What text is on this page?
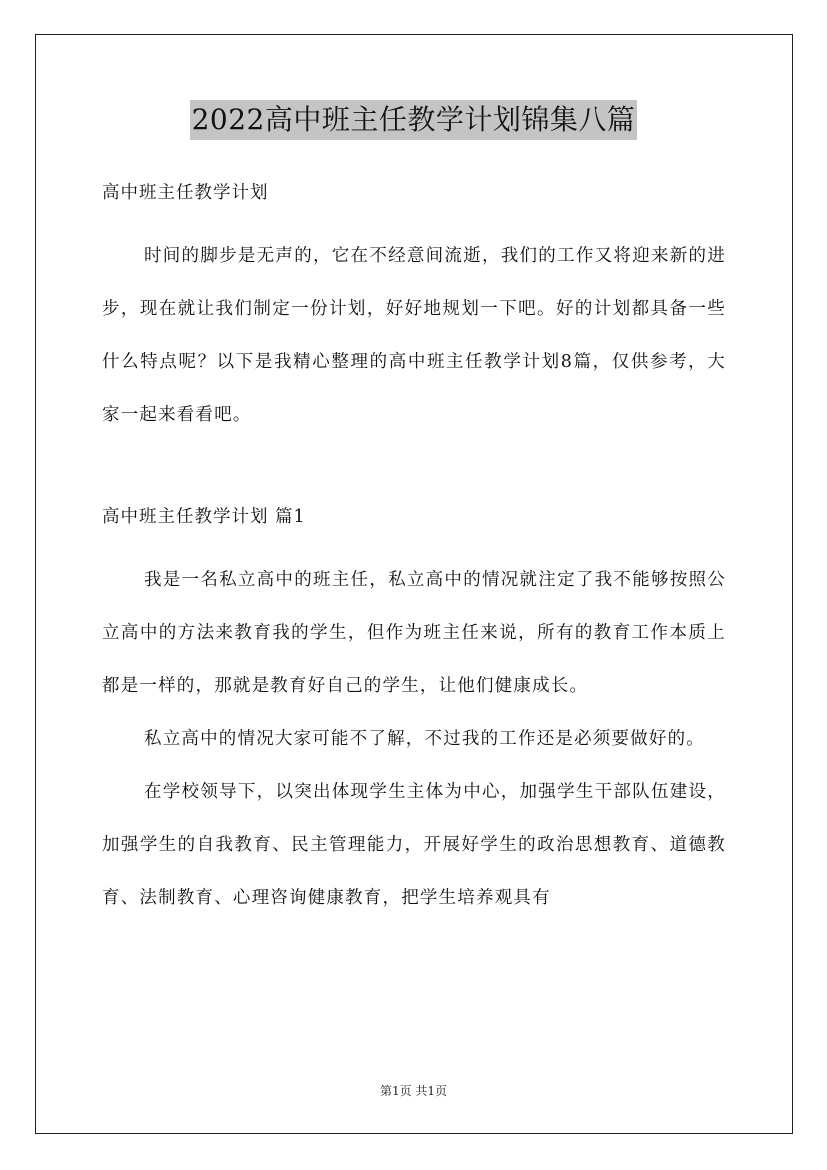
2022高中班主任教学计划锦集八篇

高中班主任教学计划

时间的脚步是无声的，它在不经意间流逝，我们的工作又将迎来新的进步，现在就让我们制定一份计划，好好地规划一下吧。好的计划都具备一些什么特点呢？以下是我精心整理的高中班主任教学计划8篇，仅供参考，大家一起来看看吧。

高中班主任教学计划 篇1

我是一名私立高中的班主任，私立高中的情况就注定了我不能够按照公立高中的方法来教育我的学生，但作为班主任来说，所有的教育工作本质上都是一样的，那就是教育好自己的学生，让他们健康成长。

私立高中的情况大家可能不了解，不过我的工作还是必须要做好的。

在学校领导下，以突出体现学生主体为中心，加强学生干部队伍建设，加强学生的自我教育、民主管理能力，开展好学生的政治思想教育、道德教育、法制教育、心理咨询健康教育，把学生培养观具有

第1页 共1页
